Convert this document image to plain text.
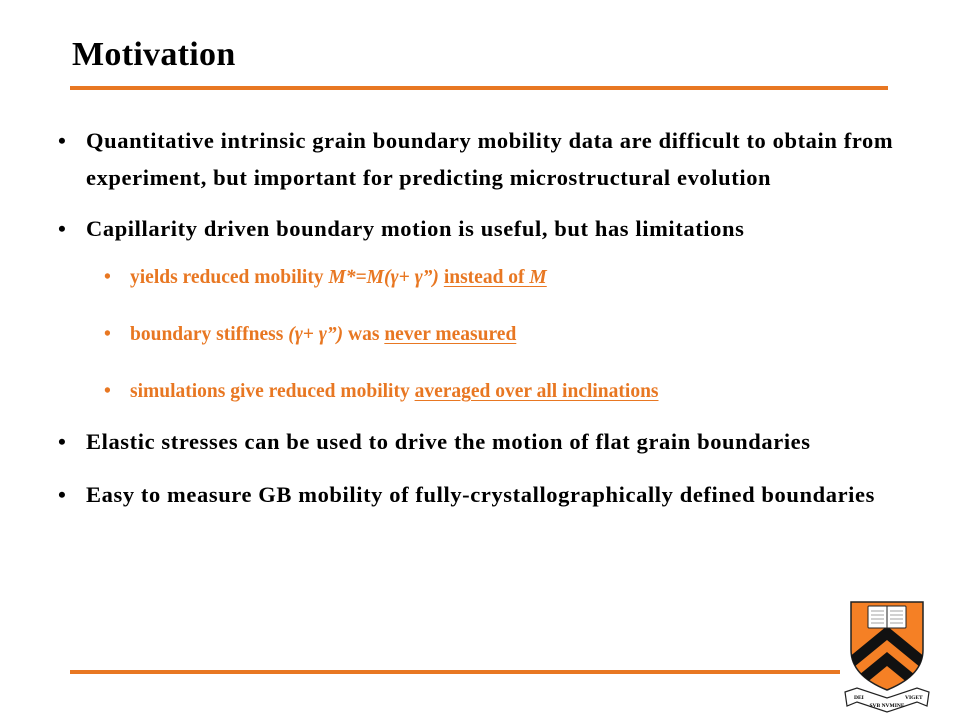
Motivation
• Quantitative intrinsic grain boundary mobility data are difficult to obtain from experiment, but important for predicting microstructural evolution
• Capillarity driven boundary motion is useful, but has limitations
• yields reduced mobility M*=M(γ+ γ”) instead of M
• boundary stiffness (γ+ γ”) was never measured
• simulations give reduced mobility averaged over all inclinations
• Elastic stresses can be used to drive the motion of flat grain boundaries
• Easy to measure GB mobility of fully-crystallographically defined boundaries
DEI
SVB NVMINE
VIGET
